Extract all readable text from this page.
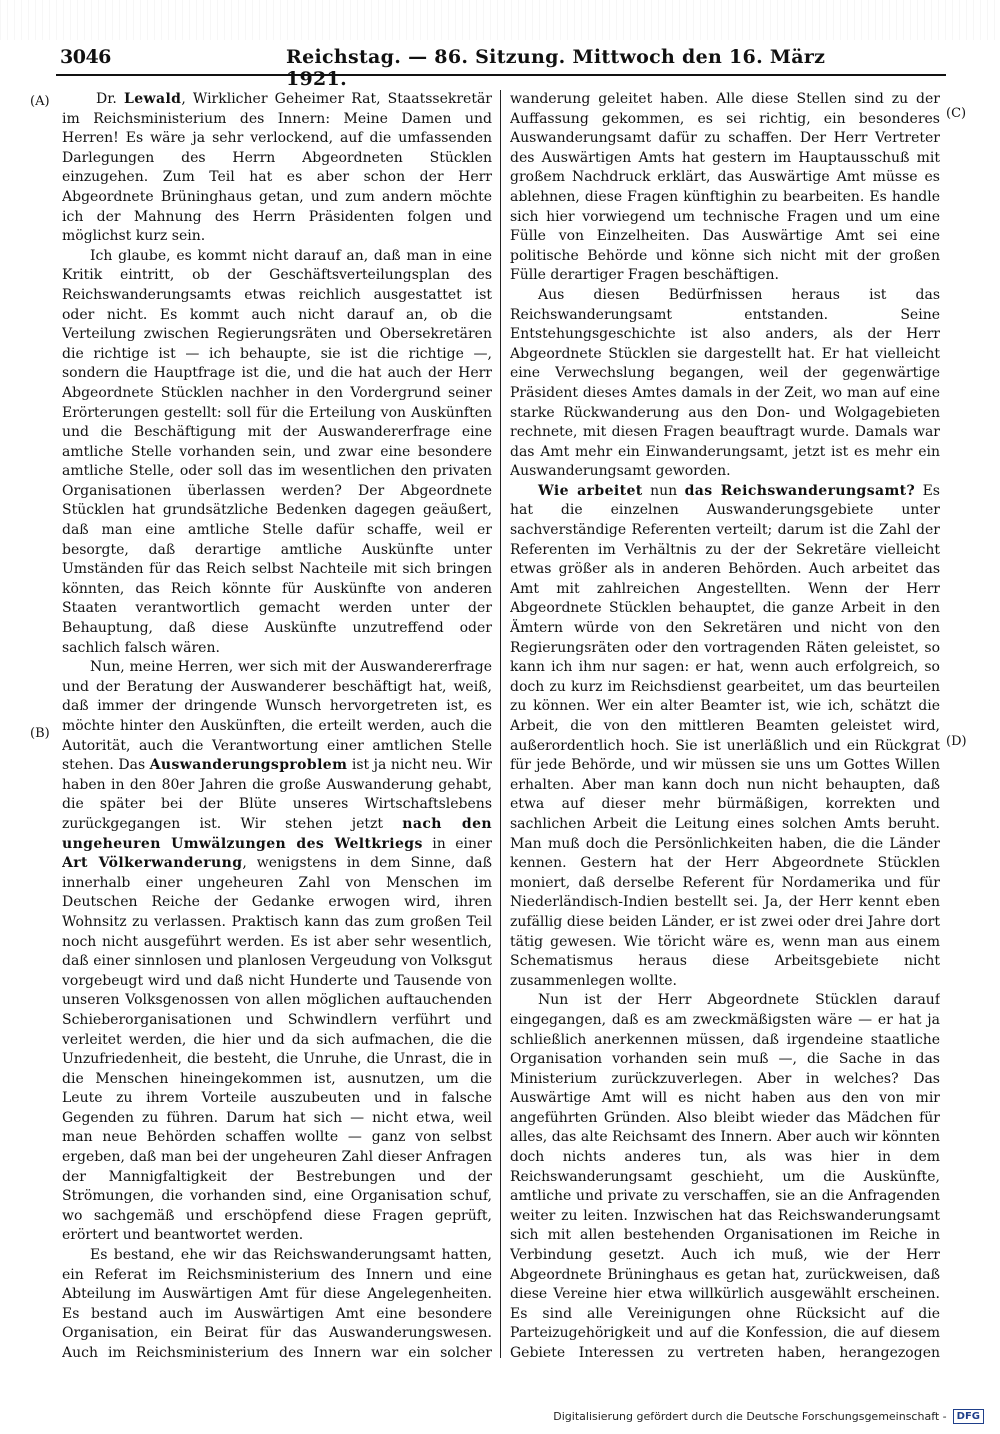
3046	Reichstag. — 86. Sitzung. Mittwoch den 16. März 1921.
(A)
(B)
(C)
(D)

Dr. Lewald, Wirklicher Geheimer Rat, Staatssekretär im Reichsministerium des Innern: Meine Damen und Herren! Es wäre ja sehr verlockend, auf die umfassenden Darlegungen des Herrn Abgeordneten Stücklen einzugehen. Zum Teil hat es aber schon der Herr Abgeordnete Brüninghaus getan, und zum andern möchte ich der Mahnung des Herrn Präsidenten folgen und möglichst kurz sein.

Ich glaube, es kommt nicht darauf an, daß man in eine Kritik eintritt, ob der Geschäftsverteilungsplan des Reichswanderungsamts etwas reichlich ausgestattet ist oder nicht. Es kommt auch nicht darauf an, ob die Verteilung zwischen Regierungsräten und Obersekretären die richtige ist — ich behaupte, sie ist die richtige —, sondern die Hauptfrage ist die, und die hat auch der Herr Abgeordnete Stücklen nachher in den Vordergrund seiner Erörterungen gestellt: soll für die Erteilung von Auskünften und die Beschäftigung mit der Auswandererfrage eine amtliche Stelle vorhanden sein, und zwar eine besondere amtliche Stelle, oder soll das im wesentlichen den privaten Organisationen überlassen werden? Der Abgeordnete Stücklen hat grundsätzliche Bedenken dagegen geäußert, daß man eine amtliche Stelle dafür schaffe, weil er besorgte, daß derartige amtliche Auskünfte unter Umständen für das Reich selbst Nachteile mit sich bringen könnten, das Reich könnte für Auskünfte von anderen Staaten verantwortlich gemacht werden unter der Behauptung, daß diese Auskünfte unzutreffend oder sachlich falsch wären.

Nun, meine Herren, wer sich mit der Auswandererfrage und der Beratung der Auswanderer beschäftigt hat, weiß, daß immer der dringende Wunsch hervorgetreten ist, es möchte hinter den Auskünften, die erteilt werden, auch die Autorität, auch die Verantwortung einer amtlichen Stelle stehen. Das Auswanderungsproblem ist ja nicht neu. Wir haben in den 80er Jahren die große Auswanderung gehabt, die später bei der Blüte unseres Wirtschaftslebens zurückgegangen ist. Wir stehen jetzt nach den ungeheuren Umwälzungen des Weltkriegs in einer Art Völkerwanderung, wenigstens in dem Sinne, daß innerhalb einer ungeheuren Zahl von Menschen im Deutschen Reiche der Gedanke erwogen wird, ihren Wohnsitz zu verlassen. Praktisch kann das zum großen Teil noch nicht ausgeführt werden. Es ist aber sehr wesentlich, daß einer sinnlosen und planlosen Vergeudung von Volksgut vorgebeugt wird und daß nicht Hunderte und Tausende von unseren Volksgenossen von allen möglichen auftauchenden Schieberorganisationen und Schwindlern verführt und verleitet werden, die hier und da sich aufmachen, die die Unzufriedenheit, die besteht, die Unruhe, die Unrast, die in die Menschen hineingekommen ist, ausnutzen, um die Leute zu ihrem Vorteile auszubeuten und in falsche Gegenden zu führen. Darum hat sich — nicht etwa, weil man neue Behörden schaffen wollte — ganz von selbst ergeben, daß man bei der ungeheuren Zahl dieser Anfragen der Mannigfaltigkeit der Bestrebungen und der Strömungen, die vorhanden sind, eine Organisation schuf, wo sachgemäß und erschöpfend diese Fragen geprüft, erörtert und beantwortet werden.

Es bestand, ehe wir das Reichswanderungsamt hatten, ein Referat im Reichsministerium des Innern und eine Abteilung im Auswärtigen Amt für diese Angelegenheiten. Es bestand auch im Auswärtigen Amt eine besondere Organisation, ein Beirat für das Auswanderungswesen. Auch im Reichsministerium des Innern war ein solcher

wanderung geleitet haben. Alle diese Stellen sind zu der Auffassung gekommen, es sei richtig, ein besonderes Auswanderungsamt dafür zu schaffen. Der Herr Vertreter des Auswärtigen Amts hat gestern im Hauptausschuß mit großem Nachdruck erklärt, das Auswärtige Amt müsse es ablehnen, diese Fragen künftighin zu bearbeiten. Es handle sich hier vorwiegend um technische Fragen und um eine Fülle von Einzelheiten. Das Auswärtige Amt sei eine politische Behörde und könne sich nicht mit der großen Fülle derartiger Fragen beschäftigen.

Aus diesen Bedürfnissen heraus ist das Reichswanderungsamt entstanden. Seine Entstehungsgeschichte ist also anders, als der Herr Abgeordnete Stücklen sie dargestellt hat. Er hat vielleicht eine Verwechslung begangen, weil der gegenwärtige Präsident dieses Amtes damals in der Zeit, wo man auf eine starke Rückwanderung aus den Don- und Wolgagebieten rechnete, mit diesen Fragen beauftragt wurde. Damals war das Amt mehr ein Einwanderungsamt, jetzt ist es mehr ein Auswanderungsamt geworden.

Wie arbeitet nun das Reichswanderungsamt? Es hat die einzelnen Auswanderungsgebiete unter sachverständige Referenten verteilt; darum ist die Zahl der Referenten im Verhältnis zu der der Sekretäre vielleicht etwas größer als in anderen Behörden. Auch arbeitet das Amt mit zahlreichen Angestellten. Wenn der Herr Abgeordnete Stücklen behauptet, die ganze Arbeit in den Ämtern würde von den Sekretären und nicht von den Regierungsräten oder den vortragenden Räten geleistet, so kann ich ihm nur sagen: er hat, wenn auch erfolgreich, so doch zu kurz im Reichsdienst gearbeitet, um das beurteilen zu können. Wer ein alter Beamter ist, wie ich, schätzt die Arbeit, die von den mittleren Beamten geleistet wird, außerordentlich hoch. Sie ist unerläßlich und ein Rückgrat für jede Behörde, und wir müssen sie uns um Gottes Willen erhalten. Aber man kann doch nun nicht behaupten, daß etwa auf dieser mehr bürmäßigen, korrekten und sachlichen Arbeit die Leitung eines solchen Amts beruht. Man muß doch die Persönlichkeiten haben, die die Länder kennen. Gestern hat der Herr Abgeordnete Stücklen moniert, daß derselbe Referent für Nordamerika und für Niederländisch-Indien bestellt sei. Ja, der Herr kennt eben zufällig diese beiden Länder, er ist zwei oder drei Jahre dort tätig gewesen. Wie töricht wäre es, wenn man aus einem Schematismus heraus diese Arbeitsgebiete nicht zusammenlegen wollte.

Nun ist der Herr Abgeordnete Stücklen darauf eingegangen, daß es am zweckmäßigsten wäre — er hat ja schließlich anerkennen müssen, daß irgendeine staatliche Organisation vorhanden sein muß —, die Sache in das Ministerium zurückzuverlegen. Aber in welches? Das Auswärtige Amt will es nicht haben aus den von mir angeführten Gründen. Also bleibt wieder das Mädchen für alles, das alte Reichsamt des Innern. Aber auch wir könnten doch nichts anderes tun, als was hier in dem Reichswanderungsamt geschieht, um die Auskünfte, amtliche und private zu verschaffen, sie an die Anfragenden weiter zu leiten. Inzwischen hat das Reichswanderungsamt sich mit allen bestehenden Organisationen im Reiche in Verbindung gesetzt. Auch ich muß, wie der Herr Abgeordnete Brüninghaus es getan hat, zurückweisen, daß diese Vereine hier etwa willkürlich ausgewählt erscheinen. Es sind alle Vereinigungen ohne Rücksicht auf die Parteizugehörigkeit und auf die Konfession, die auf diesem Gebiete Interessen zu vertreten haben, herangezogen

Digitalisierung gefördert durch die Deutsche Forschungsgemeinschaft -	DFG
